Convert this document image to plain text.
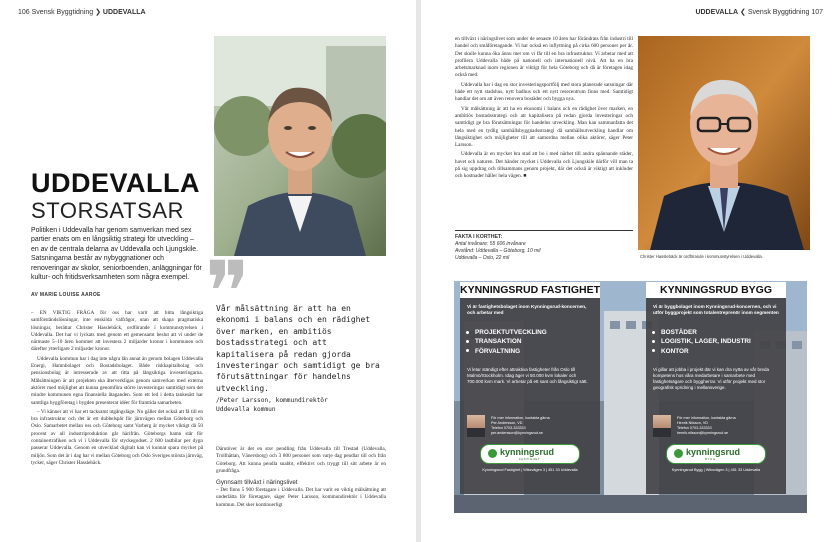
106 Svensk Byggtidning ❯ UDDEVALLA
UDDEVALLA
STORSATSAR
Politiken i Uddevalla har genom samverkan med sex partier enats om en långsiktig strategi för utveckling – en av de centrala delarna av Uddevalla och Ljungskile. Satsningarna består av nybyggnationer och renoveringar av skolor, seniorboenden, anläggningar för kultur- och fritidsverksamheten som några exempel.
AV MARIE LOUISE AAROE

– EN VIKTIG FRÅGA för oss har varit att hitta långsiktiga samförståndslösningar, inte enskilda valfrågor, utan att skapa pragmatiska lösningar, berättar Christer Hasslebäck, ordförande i kommunstyrelsen i Uddevalla. Det har vi lyckats med genom ett gemensamt beslut att vi under de närmaste 5–10 åren kommer att investera 2 miljarder kronor i kommunen och därefter ytterligare 2 miljarder kronor.

Uddevalla kommun har i dag inte några lån annat än genom bolagen Uddevalla Energi, Hamnbolaget och Bostadsbolaget. Både riskkapitalbolag och pensionsbolag är intresserade av att titta på långsiktiga investeringarna. Målsättningen är att projekten ska återverkligas genom samverkan med externa aktörer med möjlighet att kunna genomföra större investeringar samtidigt som det mindre kommunen egna finansiella åtaganden. Som ett led i detta tankesätt har samtliga byggföretag i bygden presenterat idéer för framtida samarbeten.

– Vi känner att vi har ett tacksamt utgångsläge. Nu gäller det också att få till en bra infrastruktur och det är ett dubbelspår för järnvägen mellan Göteborg och Oslo. Samarbetet mellan oss och Göteborg samt Varberg är mycket viktigt då 50 procent av all industriproduktion går härifrån. Göteborgs hamn står för containertrafiken och vi i Uddevalla för styckegodset. 2 600 lastbilar per dygn passerar Uddevalla. Genom en utvecklad digitalt kan vi kunnat spara mycket på miljön. Som det är i dag har vi mellan Göteborg och Oslo Sveriges största järnväg, tycker, säger Christer Hasslebäck.

❞
Vår målsättning är att ha en ekonomi i balans och en rädighet över marken, en ambitiös bostadsstrategi och att kapitalisera på redan gjorda investeringar och samtidigt ge bra förutsättningar för handelns utveckling.
/Peter Larsson, kommundirektör
Uddevalla kommun

Därutöver är det en stor pendling från Uddevalla till Trestad (Uddevalla, Trollhättan, Vänersborg) och 3 800 personer som varje dag pendlar till och från Göteborg. Att kunna pendla snabbt, effektivt och tryggt till sitt arbete är en grundfråga.

Gynnsam tillväxt i näringslivet

– Det finns 5 900 företagare i Uddevalla. Det har varit en viktig målsättning att underlätta för företagare, säger Peter Larsson, kommundirektör i Uddevalla kommun. Det sker kontinuerligt

UDDEVALLA ❮ Svensk Byggtidning 107
Christer Hasslebäck är ordförande i kommunstyrelsen i Uddevalla.

en tillväxt i näringslivet som under de senaste 10 åren har förändrats från industri till handel och småföretagande. Vi har också en inflyttning på cirka 600 personer per år. Det skulle kunna öka ännu mer om vi får till en bra infrastruktur. Vi arbetar med att profilera Uddevalla både på nationell och internationell nivå. Att ha en bra arbetsmarknad inom regionen är viktigt för hela Göteborg och då är företagen idag också med.

Uddevalla har i dag en stor investeringsportfölj med stora planerade satsningar där både ett nytt stadshus, nytt badhus och ett nytt resecentrum finns med. Samtidigt handlar det om att även renovera bostäder och bygga nya.

Vår målsättning är att ha en ekonomi i balans och en rådighet över marken, en ambitiös bostadsstrategi och att kapitalisera på redan gjorda investeringar och samtidigt ge bra förutsättningar för handelns utveckling. Man kan sammanfatta det hela med en tydlig samhällsbyggnadsstrategi då samhällsutveckling handlar om långsiktighet och möjligheter till att samordna mellan olika aktörer, säger Peter Larsson.

Uddevalla är en mycket bra stad att bo i med närhet till andra spännande städer, havet och naturen. Det händer mycket i Uddevalla och Ljungskile därför vill man ta på sig uppdrag och tillsammans genom projekt, där det också är viktigt att inkluder och kostnader håller hela vägen. ■

FAKTA I KORTHET:
Antal invånare: 55 606 invånare
Avstånd: Uddevalla – Göteborg, 10 mil
Uddevalla – Oslo, 22 mil
KYNNINGSRUD FASTIGHET
Vi är fastighetsbolaget inom Kynningsrud-koncernen, och arbetar med
PROJEKTUTVECKLING
TRANSAKTION
FÖRVALTNING
Vi letar ständigt efter attraktiva fastigheter från Oslo till Malmö/Stockholm. Idag äger vi 50.000 kvm lokaler och 700.000 kvm mark. Vi arbetar på ett sant och långsiktigt sätt.
För mer information, kontakta gärna
Per Andersson, VD
Telefon 0703-333333
per.andersson@kynningsrud.se
kynningsrud
FASTIGHET
Kynningsrud Fastighet | Wiksvägen 3 | 451 33 Uddevalla
KYNNINGSRUD BYGG
Vi är byggbolaget inom Kynningsrud-koncernen, och vi utför byggprojekt som totalentreprenör inom segmenten
BOSTÄDER
LOGISTIK, LAGER, INDUSTRI
KONTOR
Vi gillar att jobba i projekt där vi kan dra nytta av vår breda kompetens hos våra medarbetare i samarbete med fastighetsägare och byggherrar. Vi utför projekt med stor geografisk spridning i mellansverige.
För mer information, kontakta gärna
Henrik Nilsson, VD
Telefon 0703-333333
henrik.nilsson@kynningsrud.se
kynningsrud
BYGG
Kynningsrud Bygg | Wiksvägen 3 | 451 33 Uddevalla
